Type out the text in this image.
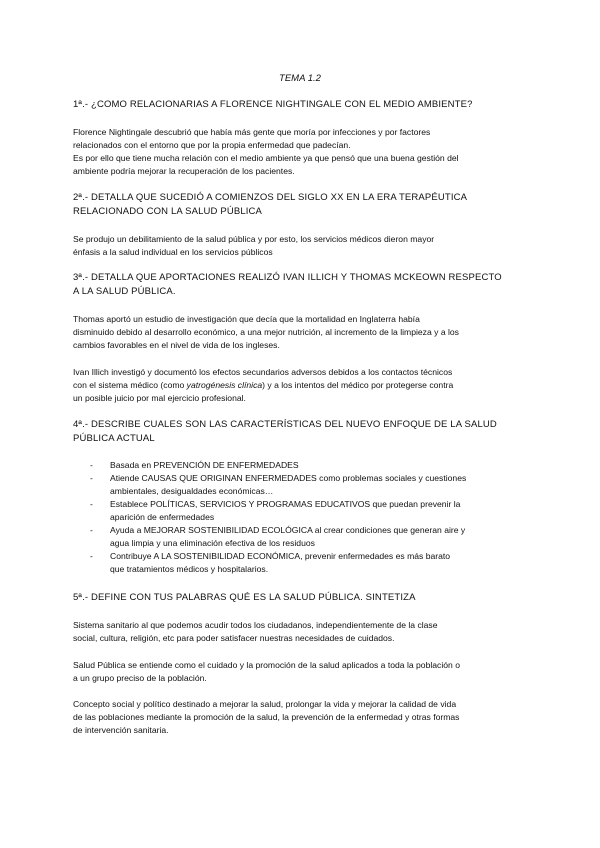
TEMA 1.2
1ª.- ¿COMO RELACIONARIAS A FLORENCE NIGHTINGALE CON EL MEDIO AMBIENTE?
Florence Nightingale descubrió que había más gente que moría por infecciones y por factores
relacionados con el entorno que por la propia enfermedad que padecían.
Es por ello que tiene mucha relación con el medio ambiente ya que pensó que una buena gestión del
ambiente podría mejorar la recuperación de los pacientes.
2ª.- DETALLA QUE SUCEDIÓ A COMIENZOS DEL SIGLO XX EN LA ERA TERAPÉUTICA
RELACIONADO CON LA SALUD PÚBLICA
Se produjo un debilitamiento de la salud pública y por esto, los servicios médicos dieron mayor
énfasis a la salud individual en los servicios públicos
3ª.- DETALLA QUE APORTACIONES REALIZÓ IVAN ILLICH Y THOMAS MCKEOWN RESPECTO
A LA SALUD PÚBLICA.
Thomas aportó un estudio de investigación que decía que la mortalidad en Inglaterra había
disminuido debido al desarrollo económico, a una mejor nutrición, al incremento de la limpieza y a los
cambios favorables en el nivel de vida de los ingleses.
Ivan Illich investigó y documentó los efectos secundarios adversos debidos a los contactos técnicos
con el sistema médico (como yatrogénesis clínica) y a los intentos del médico por protegerse contra
un posible juicio por mal ejercicio profesional.
4ª.- DESCRIBE CUALES SON LAS CARACTERÍSTICAS DEL NUEVO ENFOQUE DE LA SALUD
PÚBLICA ACTUAL
- Basada en PREVENCIÓN DE ENFERMEDADES
- Atiende CAUSAS QUE ORIGINAN ENFERMEDADES como problemas sociales y cuestiones
ambientales, desigualdades económicas…
- Establece POLÍTICAS, SERVICIOS Y PROGRAMAS EDUCATIVOS que puedan prevenir la
aparición de enfermedades
- Ayuda a MEJORAR SOSTENIBILIDAD ECOLÓGICA al crear condiciones que generan aire y
agua limpia y una eliminación efectiva de los residuos
- Contribuye A LA SOSTENIBILIDAD ECONÓMICA, prevenir enfermedades es más barato
que tratamientos médicos y hospitalarios.
5ª.- DEFINE CON TUS PALABRAS QUÉ ES LA SALUD PÚBLICA. SINTETIZA
Sistema sanitario al que podemos acudir todos los ciudadanos, independientemente de la clase
social, cultura, religión, etc para poder satisfacer nuestras necesidades de cuidados.
Salud Pública se entiende como el cuidado y la promoción de la salud aplicados a toda la población o
a un grupo preciso de la población.
Concepto social y político destinado a mejorar la salud, prolongar la vida y mejorar la calidad de vida
de las poblaciones mediante la promoción de la salud, la prevención de la enfermedad y otras formas
de intervención sanitaria.
